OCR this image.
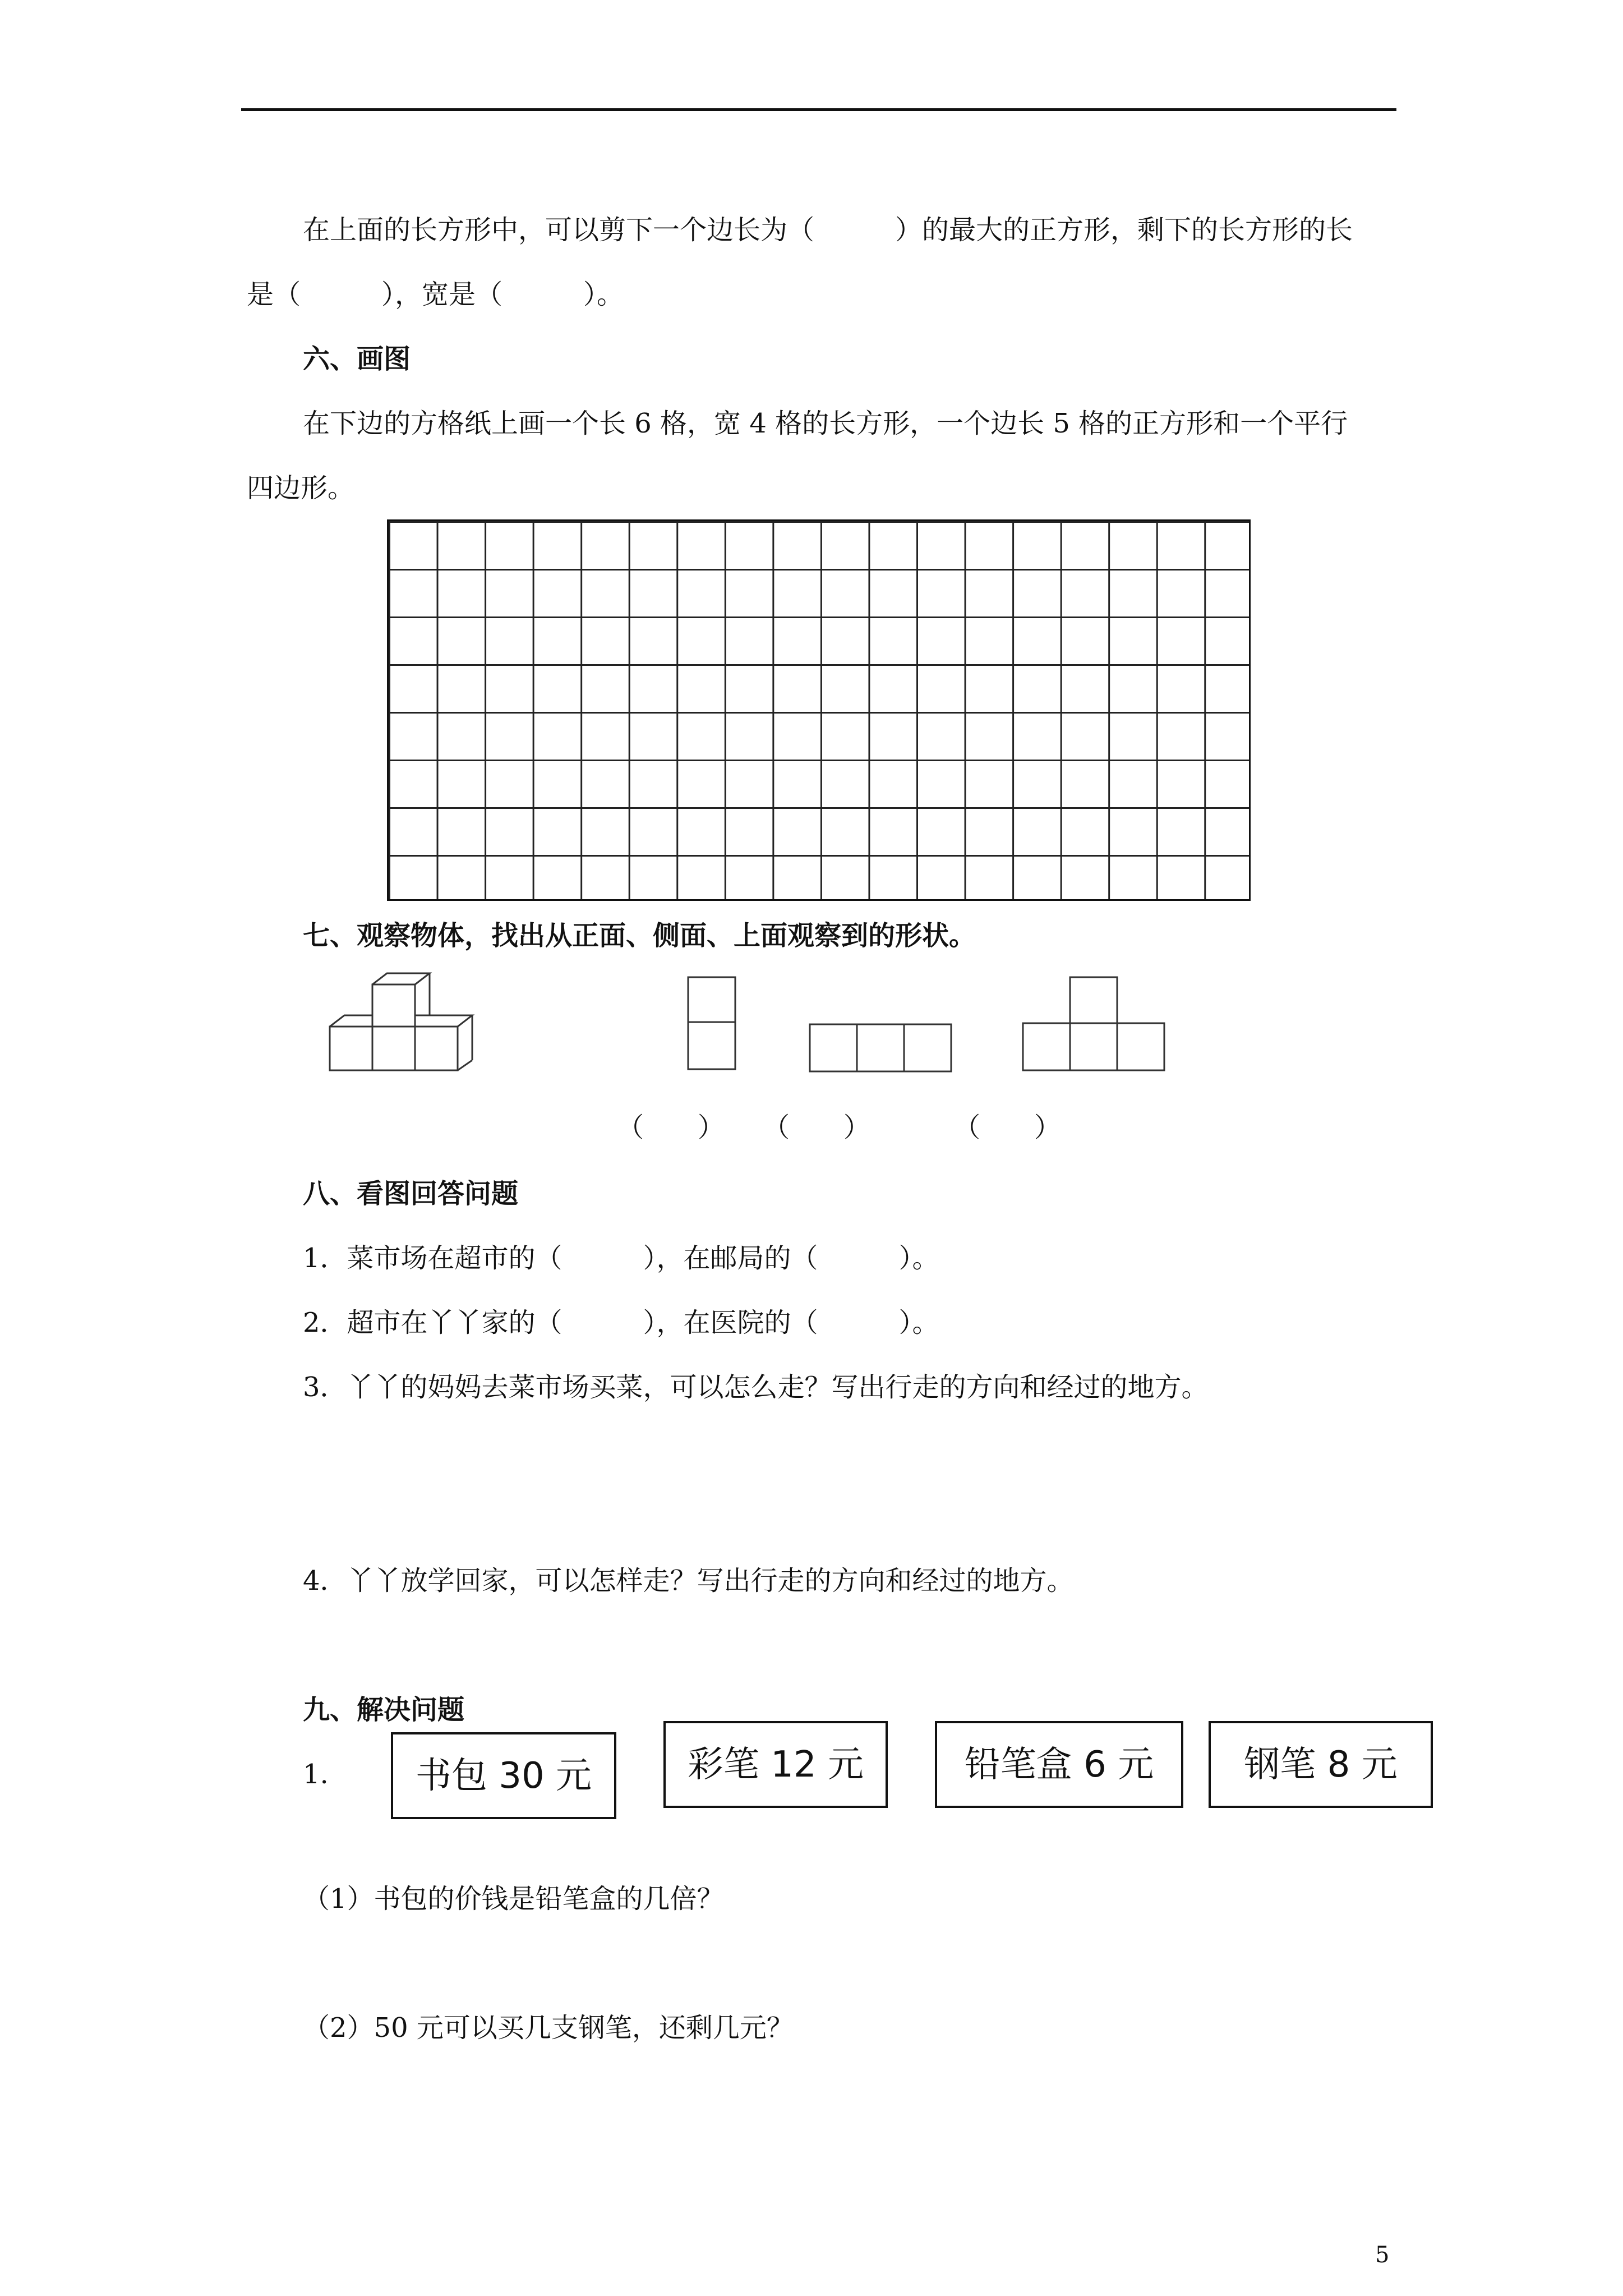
在上面的长方形中，可以剪下一个边长为（　　　）的最大的正方形，剩下的长方形的长
是（　　　），宽是（　　　）。
六、画图
在下边的方格纸上画一个长 6 格，宽 4 格的长方形，一个边长 5 格的正方形和一个平行
四边形。
七、观察物体，找出从正面、侧面、上面观察到的形状。
（　　） （　　）	（　　）
八、看图回答问题
1．菜市场在超市的（　　　），在邮局的（　　　）。
2．超市在丫丫家的（　　　），在医院的（　　　）。
3．丫丫的妈妈去菜市场买菜，可以怎么走？写出行走的方向和经过的地方。
4．丫丫放学回家，可以怎样走？写出行走的方向和经过的地方。
九、解决问题
1.	书包 30 元	彩笔 12 元	铅笔盒 6 元	钢笔 8 元
（1）书包的价钱是铅笔盒的几倍？
（2）50 元可以买几支钢笔，还剩几元？
5
